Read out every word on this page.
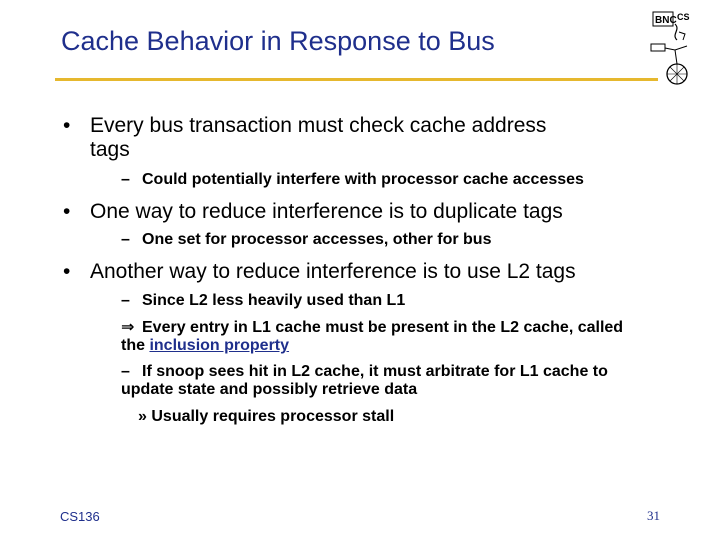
Cache Behavior in Response to Bus
BNC CS
• Every bus transaction must check cache address
tags
– Could potentially interfere with processor cache accesses
• One way to reduce interference is to duplicate tags
– One set for processor accesses, other for bus
• Another way to reduce interference is to use L2 tags
– Since L2 less heavily used than L1
⇒ Every entry in L1 cache must be present in the L2 cache, called
the inclusion property
– If snoop sees hit in L2 cache, it must arbitrate for L1 cache to
update state and possibly retrieve data
» Usually requires processor stall
CS136	31
